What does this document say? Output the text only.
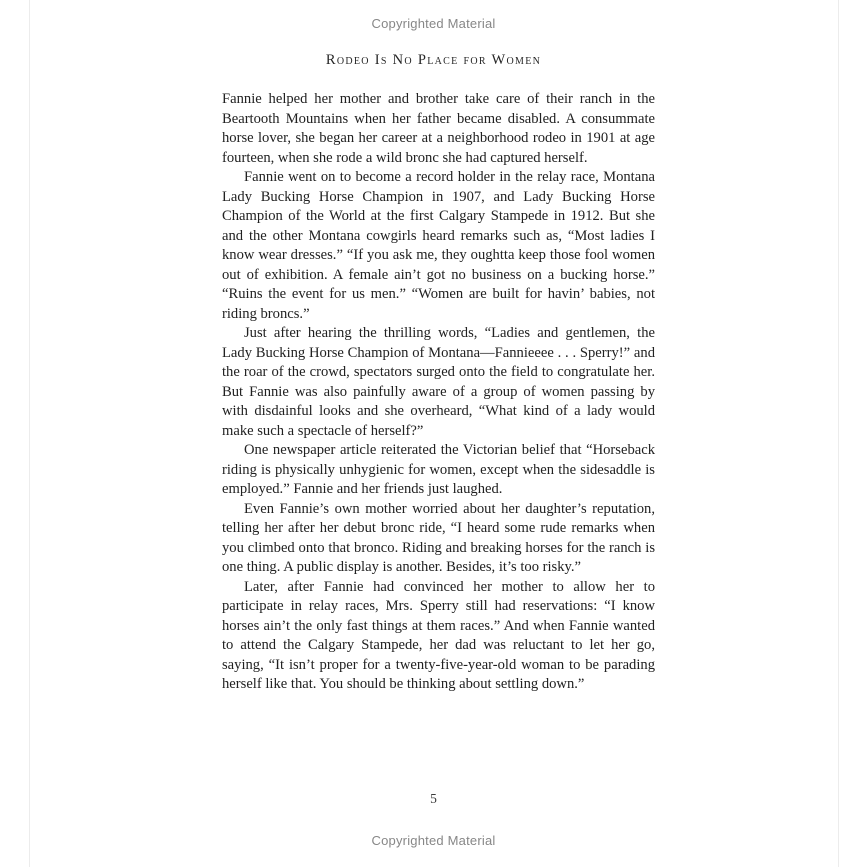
Copyrighted Material
Rodeo Is No Place for Women

Fannie helped her mother and brother take care of their ranch in the Beartooth Mountains when her father became disabled. A consummate horse lover, she began her career at a neighborhood rodeo in 1901 at age fourteen, when she rode a wild bronc she had captured herself.

Fannie went on to become a record holder in the relay race, Montana Lady Bucking Horse Champion in 1907, and Lady Bucking Horse Champion of the World at the first Calgary Stampede in 1912. But she and the other Montana cowgirls heard remarks such as, “Most ladies I know wear dresses.” “If you ask me, they oughtta keep those fool women out of exhibition. A female ain’t got no business on a bucking horse.” “Ruins the event for us men.” “Women are built for havin’ babies, not riding broncs.”

Just after hearing the thrilling words, “Ladies and gentlemen, the Lady Bucking Horse Champion of Montana—Fannieeee . . . Sperry!” and the roar of the crowd, spectators surged onto the field to congratulate her. But Fannie was also painfully aware of a group of women passing by with disdainful looks and she overheard, “What kind of a lady would make such a spectacle of herself?”

One newspaper article reiterated the Victorian belief that “Horseback riding is physically unhygienic for women, except when the sidesaddle is employed.” Fannie and her friends just laughed.

Even Fannie’s own mother worried about her daughter’s reputation, telling her after her debut bronc ride, “I heard some rude remarks when you climbed onto that bronco. Riding and breaking horses for the ranch is one thing. A public display is another. Besides, it’s too risky.”

Later, after Fannie had convinced her mother to allow her to participate in relay races, Mrs. Sperry still had reservations: “I know horses ain’t the only fast things at them races.” And when Fannie wanted to attend the Calgary Stampede, her dad was reluctant to let her go, saying, “It isn’t proper for a twenty-five-year-old woman to be parading herself like that. You should be thinking about settling down.”

5
Copyrighted Material
